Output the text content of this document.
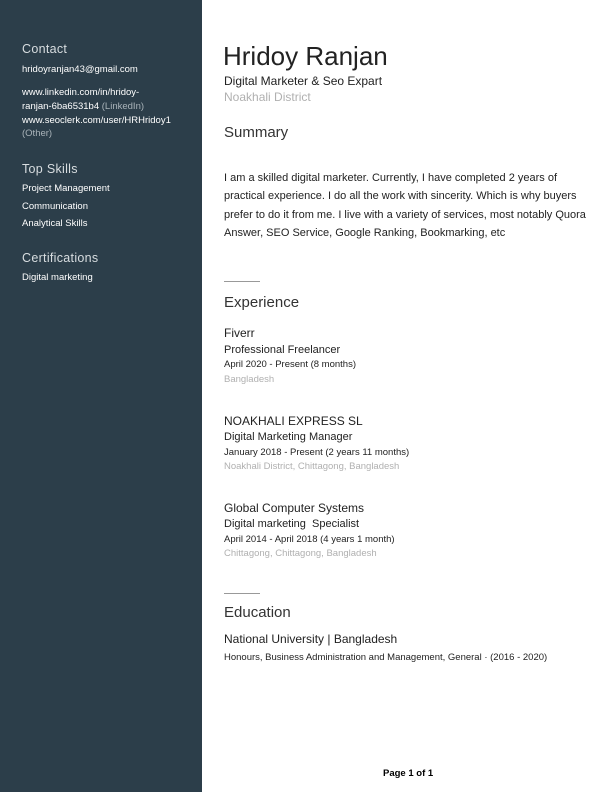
Contact
hridoyranjan43@gmail.com
www.linkedin.com/in/hridoy-
ranjan-6ba6531b4 (LinkedIn)
www.seoclerk.com/user/HRHridoy1
(Other)
Top Skills
Project Management
Communication
Analytical Skills
Certifications
Digital marketing
Hridoy Ranjan
Digital Marketer & Seo Expart
Noakhali District
Summary
I am a skilled digital marketer. Currently, I have completed 2 years of practical experience. I do all the work with sincerity. Which is why buyers prefer to do it from me. I live with a variety of services, most notably Quora Answer, SEO Service, Google Ranking, Bookmarking, etc
Experience
Fiverr
Professional Freelancer
April 2020 - Present (8 months)
Bangladesh
NOAKHALI EXPRESS SL
Digital Marketing Manager
January 2018 - Present (2 years 11 months)
Noakhali District, Chittagong, Bangladesh
Global Computer Systems
Digital marketing  Specialist
April 2014 - April 2018 (4 years 1 month)
Chittagong, Chittagong, Bangladesh
Education
National University | Bangladesh
Honours, Business Administration and Management, General · (2016 - 2020)
Page 1 of 1
